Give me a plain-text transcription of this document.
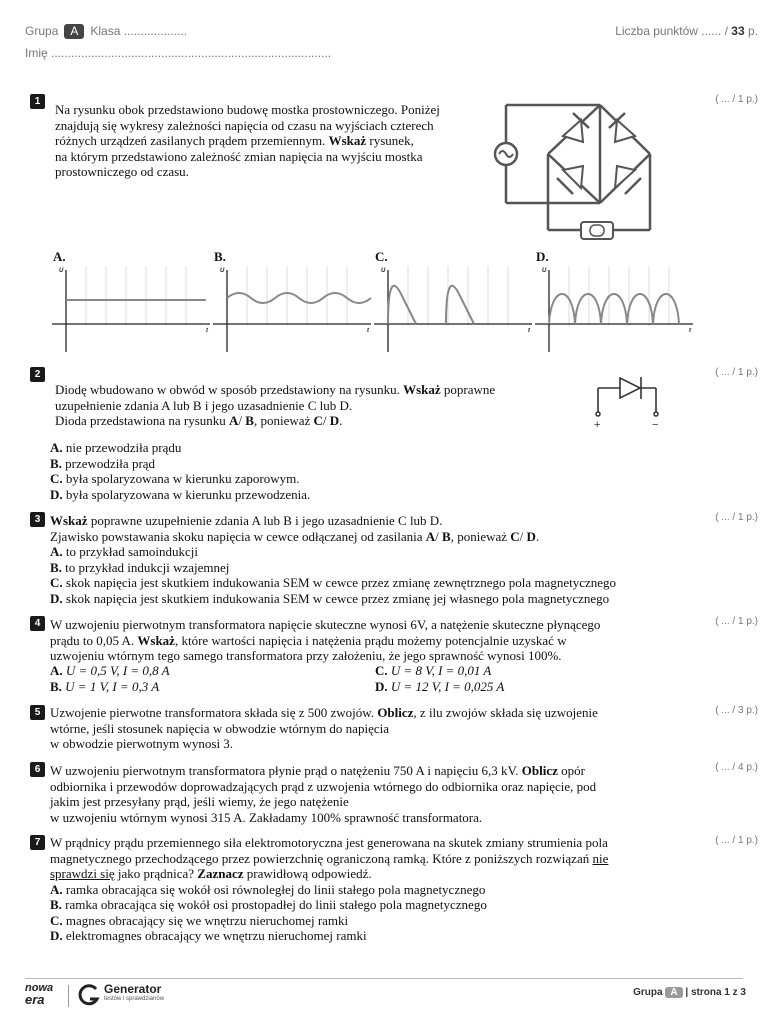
Grupa A Klasa ...................
Imię ....................................................................................
Liczba punktów ...... / 33 p.
1	( ... / 1 p.)
Na rysunku obok przedstawiono budowę mostka prostowniczego. Poniżej
znajdują się wykresy zależności napięcia od czasu na wyjściach czterech
różnych urządzeń zasilanych prądem przemiennym. Wskaż rysunek,
na którym przedstawiono zależność zmian napięcia na wyjściu mostka
prostowniczego od czasu.
A.	B.	C.	D.
U
t
U
t
U
t
U
t
2	( ... / 1 p.)
Diodę wbudowano w obwód w sposób przedstawiony na rysunku. Wskaż poprawne
uzupełnienie zdania A lub B i jego uzasadnienie C lub D.
Dioda przedstawiona na rysunku A/ B, ponieważ C/ D.	+	−
A. nie przewodziła prądu
B. przewodziła prąd
C. była spolaryzowana w kierunku zaporowym.
D. była spolaryzowana w kierunku przewodzenia.
3	( ... / 1 p.)
Wskaż poprawne uzupełnienie zdania A lub B i jego uzasadnienie C lub D.
Zjawisko powstawania skoku napięcia w cewce odłączanej od zasilania A/ B, ponieważ C/ D.
A. to przykład samoindukcji
B. to przykład indukcji wzajemnej
C. skok napięcia jest skutkiem indukowania SEM w cewce przez zmianę zewnętrznego pola magnetycznego
D. skok napięcia jest skutkiem indukowania SEM w cewce przez zmianę jej własnego pola magnetycznego
4	( ... / 1 p.)
W uzwojeniu pierwotnym transformatora napięcie skuteczne wynosi 6V, a natężenie skuteczne płynącego
prądu to 0,05 A. Wskaż, które wartości napięcia i natężenia prądu możemy potencjalnie uzyskać w
uzwojeniu wtórnym tego samego transformatora przy założeniu, że jego sprawność wynosi 100%.
A. U = 0,5 V, I = 0,8 A	C. U = 8 V, I = 0,01 A
B. U = 1 V, I = 0,3 A	D. U = 12 V, I = 0,025 A
5	( ... / 3 p.)
Uzwojenie pierwotne transformatora składa się z 500 zwojów. Oblicz, z ilu zwojów składa się uzwojenie
wtórne, jeśli stosunek napięcia w obwodzie wtórnym do napięcia
w obwodzie pierwotnym wynosi 3.
6	( ... / 4 p.)
W uzwojeniu pierwotnym transformatora płynie prąd o natężeniu 750 A i napięciu 6,3 kV. Oblicz opór
odbiornika i przewodów doprowadzających prąd z uzwojenia wtórnego do odbiornika oraz napięcie, pod
jakim jest przesyłany prąd, jeśli wiemy, że jego natężenie
w uzwojeniu wtórnym wynosi 315 A. Zakładamy 100% sprawność transformatora.
7	( ... / 1 p.)
W prądnicy prądu przemiennego siła elektromotoryczna jest generowana na skutek zmiany strumienia pola
magnetycznego przechodzącego przez powierzchnię ograniczoną ramką. Które z poniższych rozwiązań nie
sprawdzi się jako prądnica? Zaznacz prawidłową odpowiedź.
A. ramka obracająca się wokół osi równoległej do linii stałego pola magnetycznego
B. ramka obracająca się wokół osi prostopadłej do linii stałego pola magnetycznego
C. magnes obracający się we wnętrzu nieruchomej ramki
D. elektromagnes obracający we wnętrzu nieruchomej ramki
nowa
era
Generator
testów i sprawdzianów
Grupa A | strona 1 z 3
